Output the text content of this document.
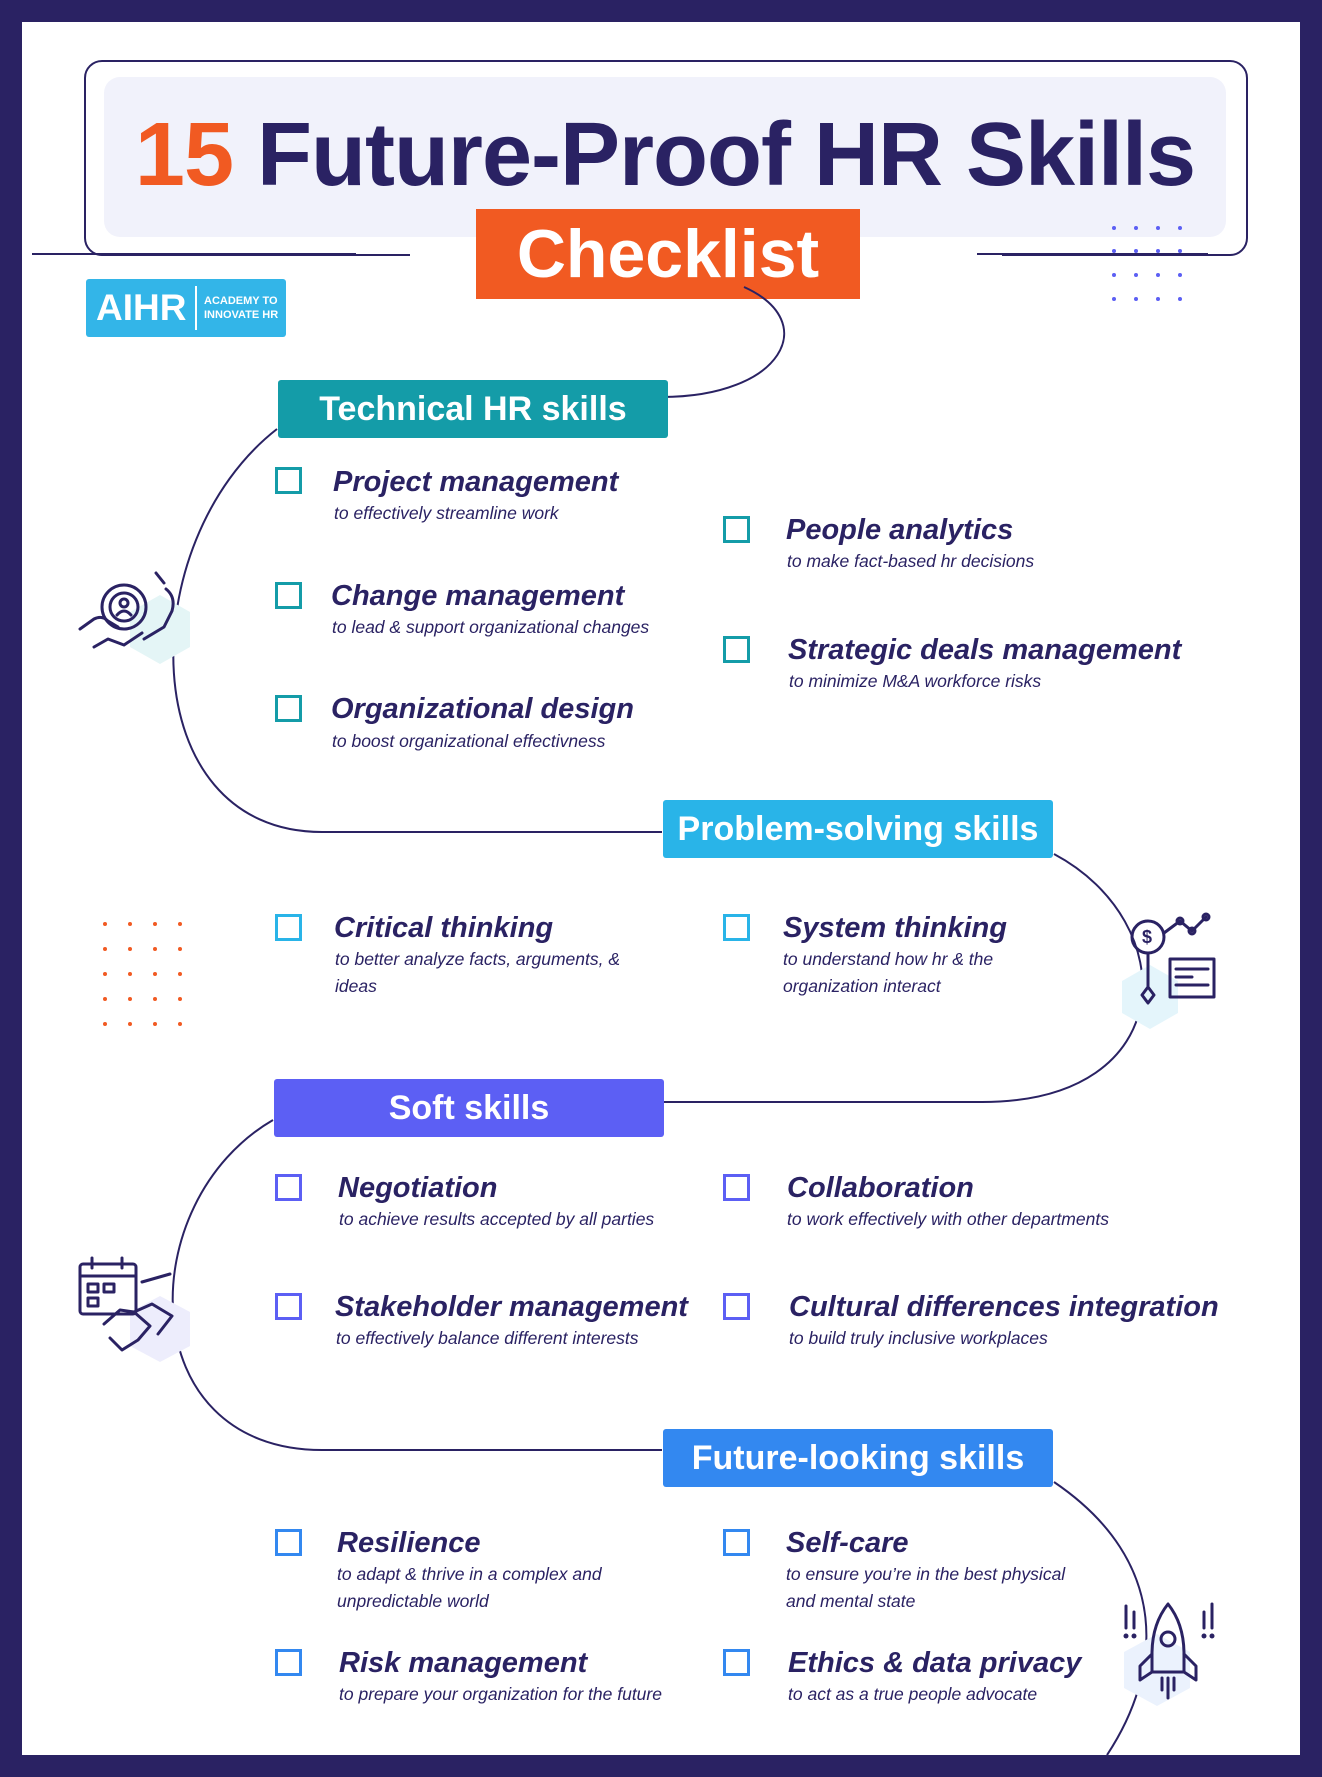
15 Future-Proof HR Skills
Checklist
AIHR ACADEMY TO
INNOVATE HR
$
Technical HR skills
Project management
to effectively streamline work
Change management
to lead & support organizational changes
Organizational design
to boost organizational effectivness
People analytics
to make fact-based hr decisions
Strategic deals management
to minimize M&A workforce risks
Problem-solving skills
Critical thinking
to better analyze facts, arguments, & ideas
System thinking
to understand how hr & the organization interact
Soft skills
Negotiation
to achieve results accepted by all parties
Stakeholder management
to effectively balance different interests
Collaboration
to work effectively with other departments
Cultural differences integration
to build truly inclusive workplaces
Future-looking skills
Resilience
to adapt & thrive in a complex and unpredictable world
Risk management
to prepare your organization for the future
Self-care
to ensure you’re in the best physical and mental state
Ethics & data privacy
to act as a true people advocate
